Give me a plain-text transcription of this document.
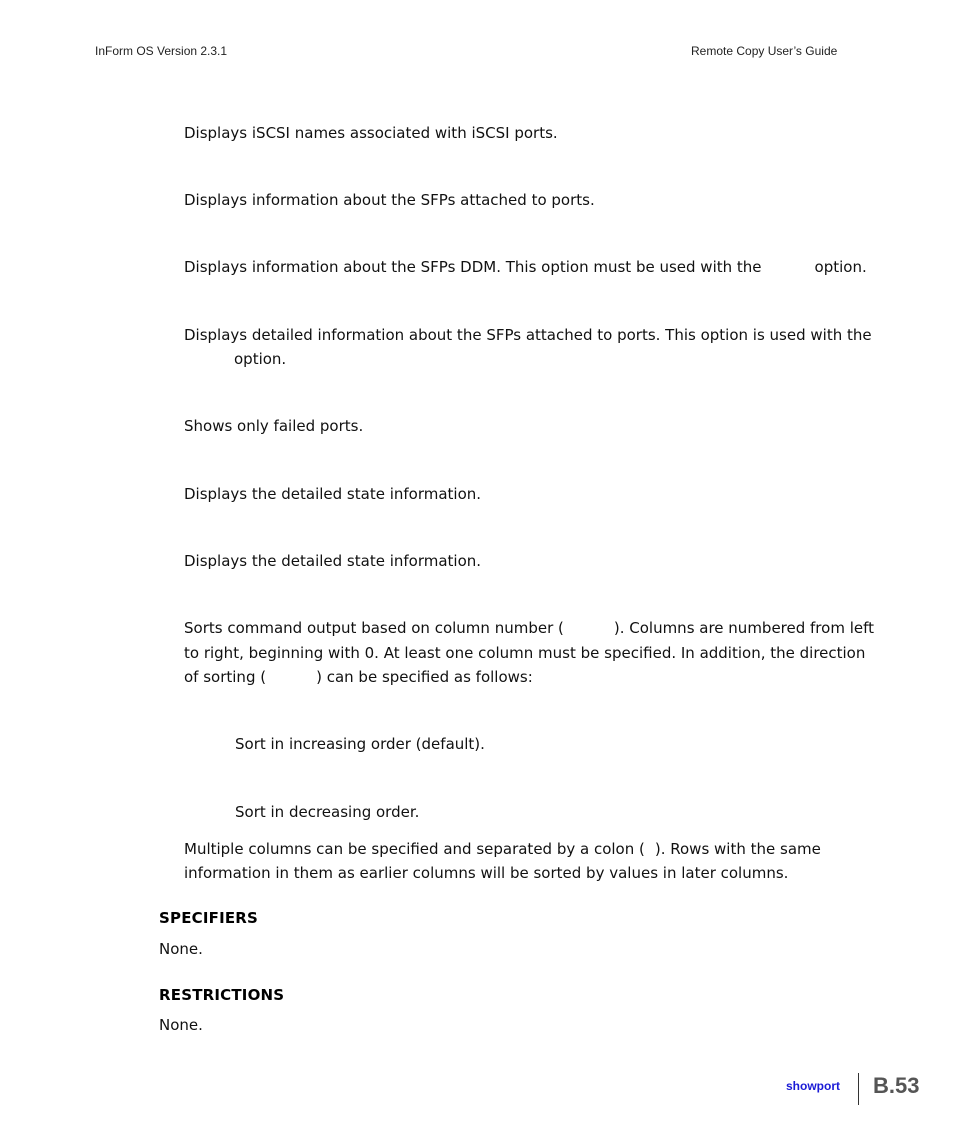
InForm OS Version 2.3.1	Remote Copy User’s Guide
Displays iSCSI names associated with iSCSI ports.
Displays information about the SFPs attached to ports.
Displays information about the SFPs DDM. This option must be used with the	option.
Displays detailed information about the SFPs attached to ports. This option is used with the
option.
Shows only failed ports.
Displays the detailed state information.
Displays the detailed state information.
Sorts command output based on column number (	). Columns are numbered from left
to right, beginning with 0. At least one column must be specified. In addition, the direction
of sorting (	) can be specified as follows:
Sort in increasing order (default).
Sort in decreasing order.
Multiple columns can be specified and separated by a colon ( ). Rows with the same
information in them as earlier columns will be sorted by values in later columns.
SPECIFIERS
None.
RESTRICTIONS
None.
showport B.53
